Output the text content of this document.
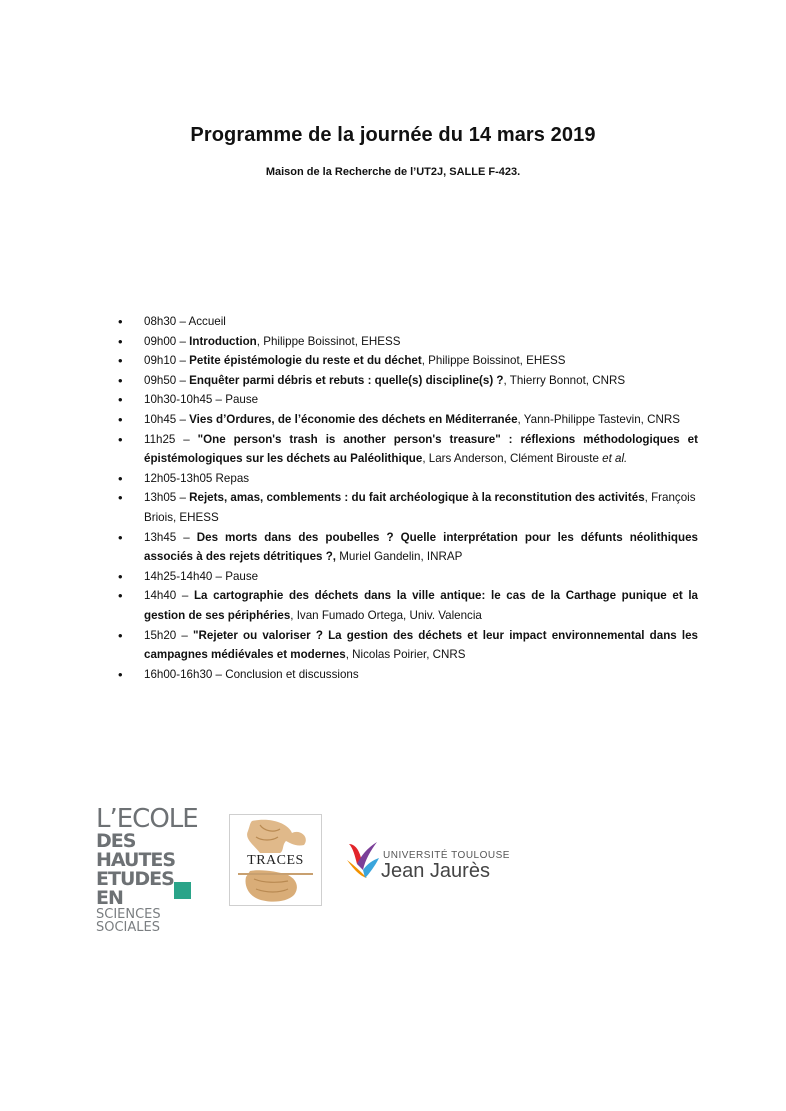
Programme de la journée du 14 mars 2019
Maison de la Recherche de l’UT2J, SALLE F-423.
• 08h30 – Accueil
• 09h00 – Introduction, Philippe Boissinot, EHESS
• 09h10 – Petite épistémologie du reste et du déchet, Philippe Boissinot, EHESS
• 09h50 – Enquêter parmi débris et rebuts : quelle(s) discipline(s) ?, Thierry Bonnot, CNRS
• 10h30-10h45 – Pause
• 10h45 – Vies d’Ordures, de l’économie des déchets en Méditerranée, Yann-Philippe Tastevin, CNRS
• 11h25 – "One person's trash is another person's treasure" : réflexions méthodologiques et épistémologiques sur les déchets au Paléolithique, Lars Anderson, Clément Birouste et al.
• 12h05-13h05 Repas
• 13h05 – Rejets, amas, comblements : du fait archéologique à la reconstitution des activités, François Briois, EHESS
• 13h45 – Des morts dans des poubelles ? Quelle interprétation pour les défunts néolithiques associés à des rejets détritiques ?, Muriel Gandelin, INRAP
• 14h25-14h40 – Pause
• 14h40 – La cartographie des déchets dans la ville antique: le cas de la Carthage punique et la gestion de ses périphéries, Ivan Fumado Ortega, Univ. Valencia
• 15h20 – "Rejeter ou valoriser ? La gestion des déchets et leur impact environnemental dans les campagnes médiévales et modernes, Nicolas Poirier, CNRS
• 16h00-16h30 – Conclusion et discussions
L’ECOLE
DES HAUTES
ETUDES EN
SCIENCES
SOCIALES
TRACES	UNIVERSITÉ TOULOUSE
Jean Jaurès
